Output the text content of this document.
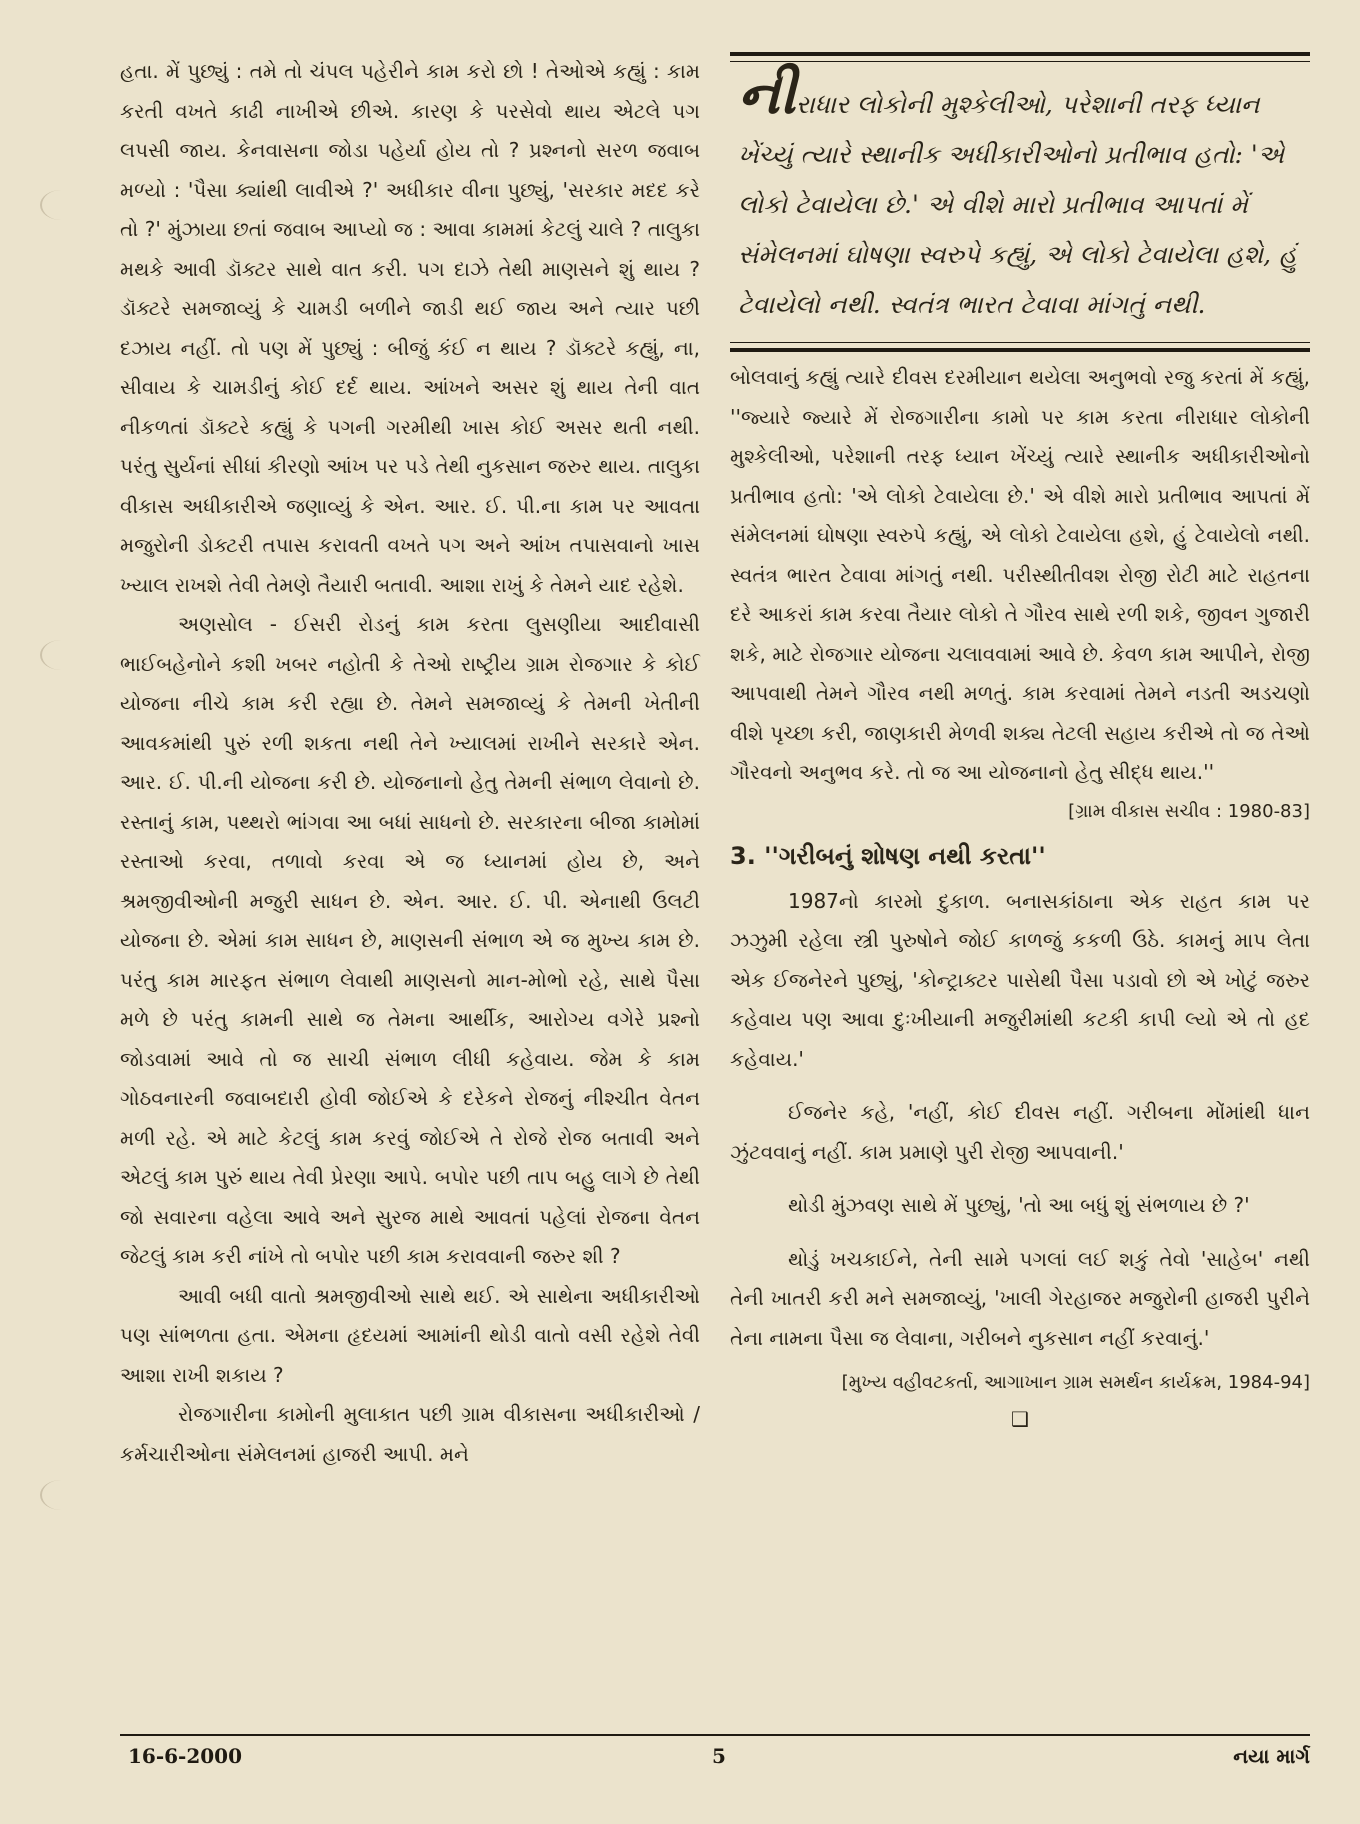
હતા. મેં પુછ્યું : તમે તો ચંપલ પહેરીને કામ કરો છો ! તેઓએ કહ્યું : કામ કરતી વખતે કાઢી નાખીએ છીએ. કારણ કે પરસેવો થાય એટલે પગ લપસી જાય. કેનવાસના જોડા પહેર્યા હોય તો ? પ્રશ્નનો સરળ જવાબ મળ્યો : 'પૈસા ક્યાંથી લાવીએ ?' અધીકાર વીના પુછ્યું, 'સરકાર મદદ કરે તો ?' મુંઝાયા છતાં જવાબ આપ્યો જ : આવા કામમાં કેટલું ચાલે ? તાલુકા મથકે આવી ડૉક્ટર સાથે વાત કરી. પગ દાઝે તેથી માણસને શું થાય ? ડૉક્ટરે સમજાવ્યું કે ચામડી બળીને જાડી થઈ જાય અને ત્યાર પછી દઝાય નહીં. તો પણ મેં પુછ્યું : બીજું કંઈ ન થાય ? ડૉક્ટરે કહ્યું, ના, સીવાય કે ચામડીનું કોઈ દર્દ થાય. આંખને અસર શું થાય તેની વાત નીકળતાં ડૉક્ટરે કહ્યું કે પગની ગરમીથી ખાસ કોઈ અસર થતી નથી. પરંતુ સુર્યનાં સીધાં કીરણો આંખ પર પડે તેથી નુકસાન જરુર થાય. તાલુકા વીકાસ અધીકારીએ જણાવ્યું કે એન. આર. ઈ. પી.ના કામ પર આવતા મજુરોની ડોક્ટરી તપાસ કરાવતી વખતે પગ અને આંખ તપાસવાનો ખાસ ખ્યાલ રાખશે તેવી તેમણે તૈયારી બતાવી. આશા રાખું કે તેમને યાદ રહેશે.

અણસોલ - ઈસરી રોડનું કામ કરતા લુસણીયા આદીવાસી ભાઈબહેનોને કશી ખબર નહોતી કે તેઓ રાષ્ટ્રીય ગ્રામ રોજગાર કે કોઈ યોજના નીચે કામ કરી રહ્યા છે. તેમને સમજાવ્યું કે તેમની ખેતીની આવકમાંથી પુરું રળી શકતા નથી તેને ખ્યાલમાં રાખીને સરકારે એન. આર. ઈ. પી.ની યોજના કરી છે. યોજનાનો હેતુ તેમની સંભાળ લેવાનો છે. રસ્તાનું કામ, પથ્થરો ભાંગવા આ બધાં સાધનો છે. સરકારના બીજા કામોમાં રસ્તાઓ કરવા, તળાવો કરવા એ જ ધ્યાનમાં હોય છે, અને શ્રમજીવીઓની મજુરી સાધન છે. એન. આર. ઈ. પી. એનાથી ઉલટી યોજના છે. એમાં કામ સાધન છે, માણસની સંભાળ એ જ મુખ્ય કામ છે. પરંતુ કામ મારફત સંભાળ લેવાથી માણસનો માન-મોભો રહે, સાથે પૈસા મળે છે પરંતુ કામની સાથે જ તેમના આર્થીક, આરોગ્ય વગેરે પ્રશ્નો જોડવામાં આવે તો જ સાચી સંભાળ લીધી કહેવાય. જેમ કે કામ ગોઠવનારની જવાબદારી હોવી જોઈએ કે દરેકને રોજનું નીશ્ચીત વેતન મળી રહે. એ માટે કેટલું કામ કરવું જોઈએ તે રોજે રોજ બતાવી અને એટલું કામ પુરું થાય તેવી પ્રેરણા આપે. બપોર પછી તાપ બહુ લાગે છે તેથી જો સવારના વહેલા આવે અને સુરજ માથે આવતાં પહેલાં રોજના વેતન જેટલું કામ કરી નાંખે તો બપોર પછી કામ કરાવવાની જરુર શી ?

આવી બધી વાતો શ્રમજીવીઓ સાથે થઈ. એ સાથેના અધીકારીઓ પણ સાંભળતા હતા. એમના હૃદયમાં આમાંની થોડી વાતો વસી રહેશે તેવી આશા રાખી શકાય ?

રોજગારીના કામોની મુલાકાત પછી ગ્રામ વીકાસના અધીકારીઓ / કર્મચારીઓના સંમેલનમાં હાજરી આપી. મને

નીરાધાર લોકોની મુશ્કેલીઓ, પરેશાની તરફ ધ્યાન ખેંચ્યું ત્યારે સ્થાનીક અધીકારીઓનો પ્રતીભાવ હતો: 'એ લોકો ટેવાયેલા છે.' એ વીશે મારો પ્રતીભાવ આપતાં મેં સંમેલનમાં ઘોષણા સ્વરુપે કહ્યું, એ લોકો ટેવાયેલા હશે, હું ટેવાયેલો નથી. સ્વતંત્ર ભારત ટેવાવા માંગતું નથી.

બોલવાનું કહ્યું ત્યારે દીવસ દરમીયાન થયેલા અનુભવો રજુ કરતાં મેં કહ્યું, ''જ્યારે જ્યારે મેં રોજગારીના કામો પર કામ કરતા નીરાધાર લોકોની મુશ્કેલીઓ, પરેશાની તરફ ધ્યાન ખેંચ્યું ત્યારે સ્થાનીક અધીકારીઓનો પ્રતીભાવ હતો: 'એ લોકો ટેવાયેલા છે.' એ વીશે મારો પ્રતીભાવ આપતાં મેં સંમેલનમાં ઘોષણા સ્વરુપે કહ્યું, એ લોકો ટેવાયેલા હશે, હું ટેવાયેલો નથી. સ્વતંત્ર ભારત ટેવાવા માંગતું નથી. પરીસ્થીતીવશ રોજી રોટી માટે રાહતના દરે આકરાં કામ કરવા તૈયાર લોકો તે ગૌરવ સાથે રળી શકે, જીવન ગુજારી શકે, માટે રોજગાર યોજના ચલાવવામાં આવે છે. કેવળ કામ આપીને, રોજી આપવાથી તેમને ગૌરવ નથી મળતું. કામ કરવામાં તેમને નડતી અડચણો વીશે પૃચ્છા કરી, જાણકારી મેળવી શક્ય તેટલી સહાય કરીએ તો જ તેઓ ગૌરવનો અનુભવ કરે. તો જ આ યોજનાનો હેતુ સીદ્ધ થાય.''

[ગ્રામ વીકાસ સચીવ : 1980-83]

3. ''ગરીબનું શોષણ નથી કરતા''

1987નો કારમો દુકાળ. બનાસકાંઠાના એક રાહત કામ પર ઝઝુમી રહેલા સ્ત્રી પુરુષોને જોઈ કાળજું કકળી ઉઠે. કામનું માપ લેતા એક ઈજનેરને પુછ્યું, 'કોન્ટ્રાક્ટર પાસેથી પૈસા પડાવો છો એ ખોટું જરુર કહેવાય પણ આવા દુઃખીયાની મજુરીમાંથી કટકી કાપી લ્યો એ તો હદ કહેવાય.'

ઈજનેર કહે, 'નહીં, કોઈ દીવસ નહીં. ગરીબના મોંમાંથી ધાન ઝુંટવવાનું નહીં. કામ પ્રમાણે પુરી રોજી આપવાની.'

થોડી મુંઝવણ સાથે મેં પુછ્યું, 'તો આ બધું શું સંભળાય છે ?'

થોડું ખચકાઈને, તેની સામે પગલાં લઈ શકું તેવો 'સાહેબ' નથી તેની ખાતરી કરી મને સમજાવ્યું, 'ખાલી ગેરહાજર મજુરોની હાજરી પુરીને તેના નામના પૈસા જ લેવાના, ગરીબને નુકસાન નહીં કરવાનું.'

[મુખ્ય વહીવટકર્તા, આગાખાન ગ્રામ સમર્થન કાર્યક્રમ, 1984-94]

❑
16-6-2000	5	નયા માર્ગ
